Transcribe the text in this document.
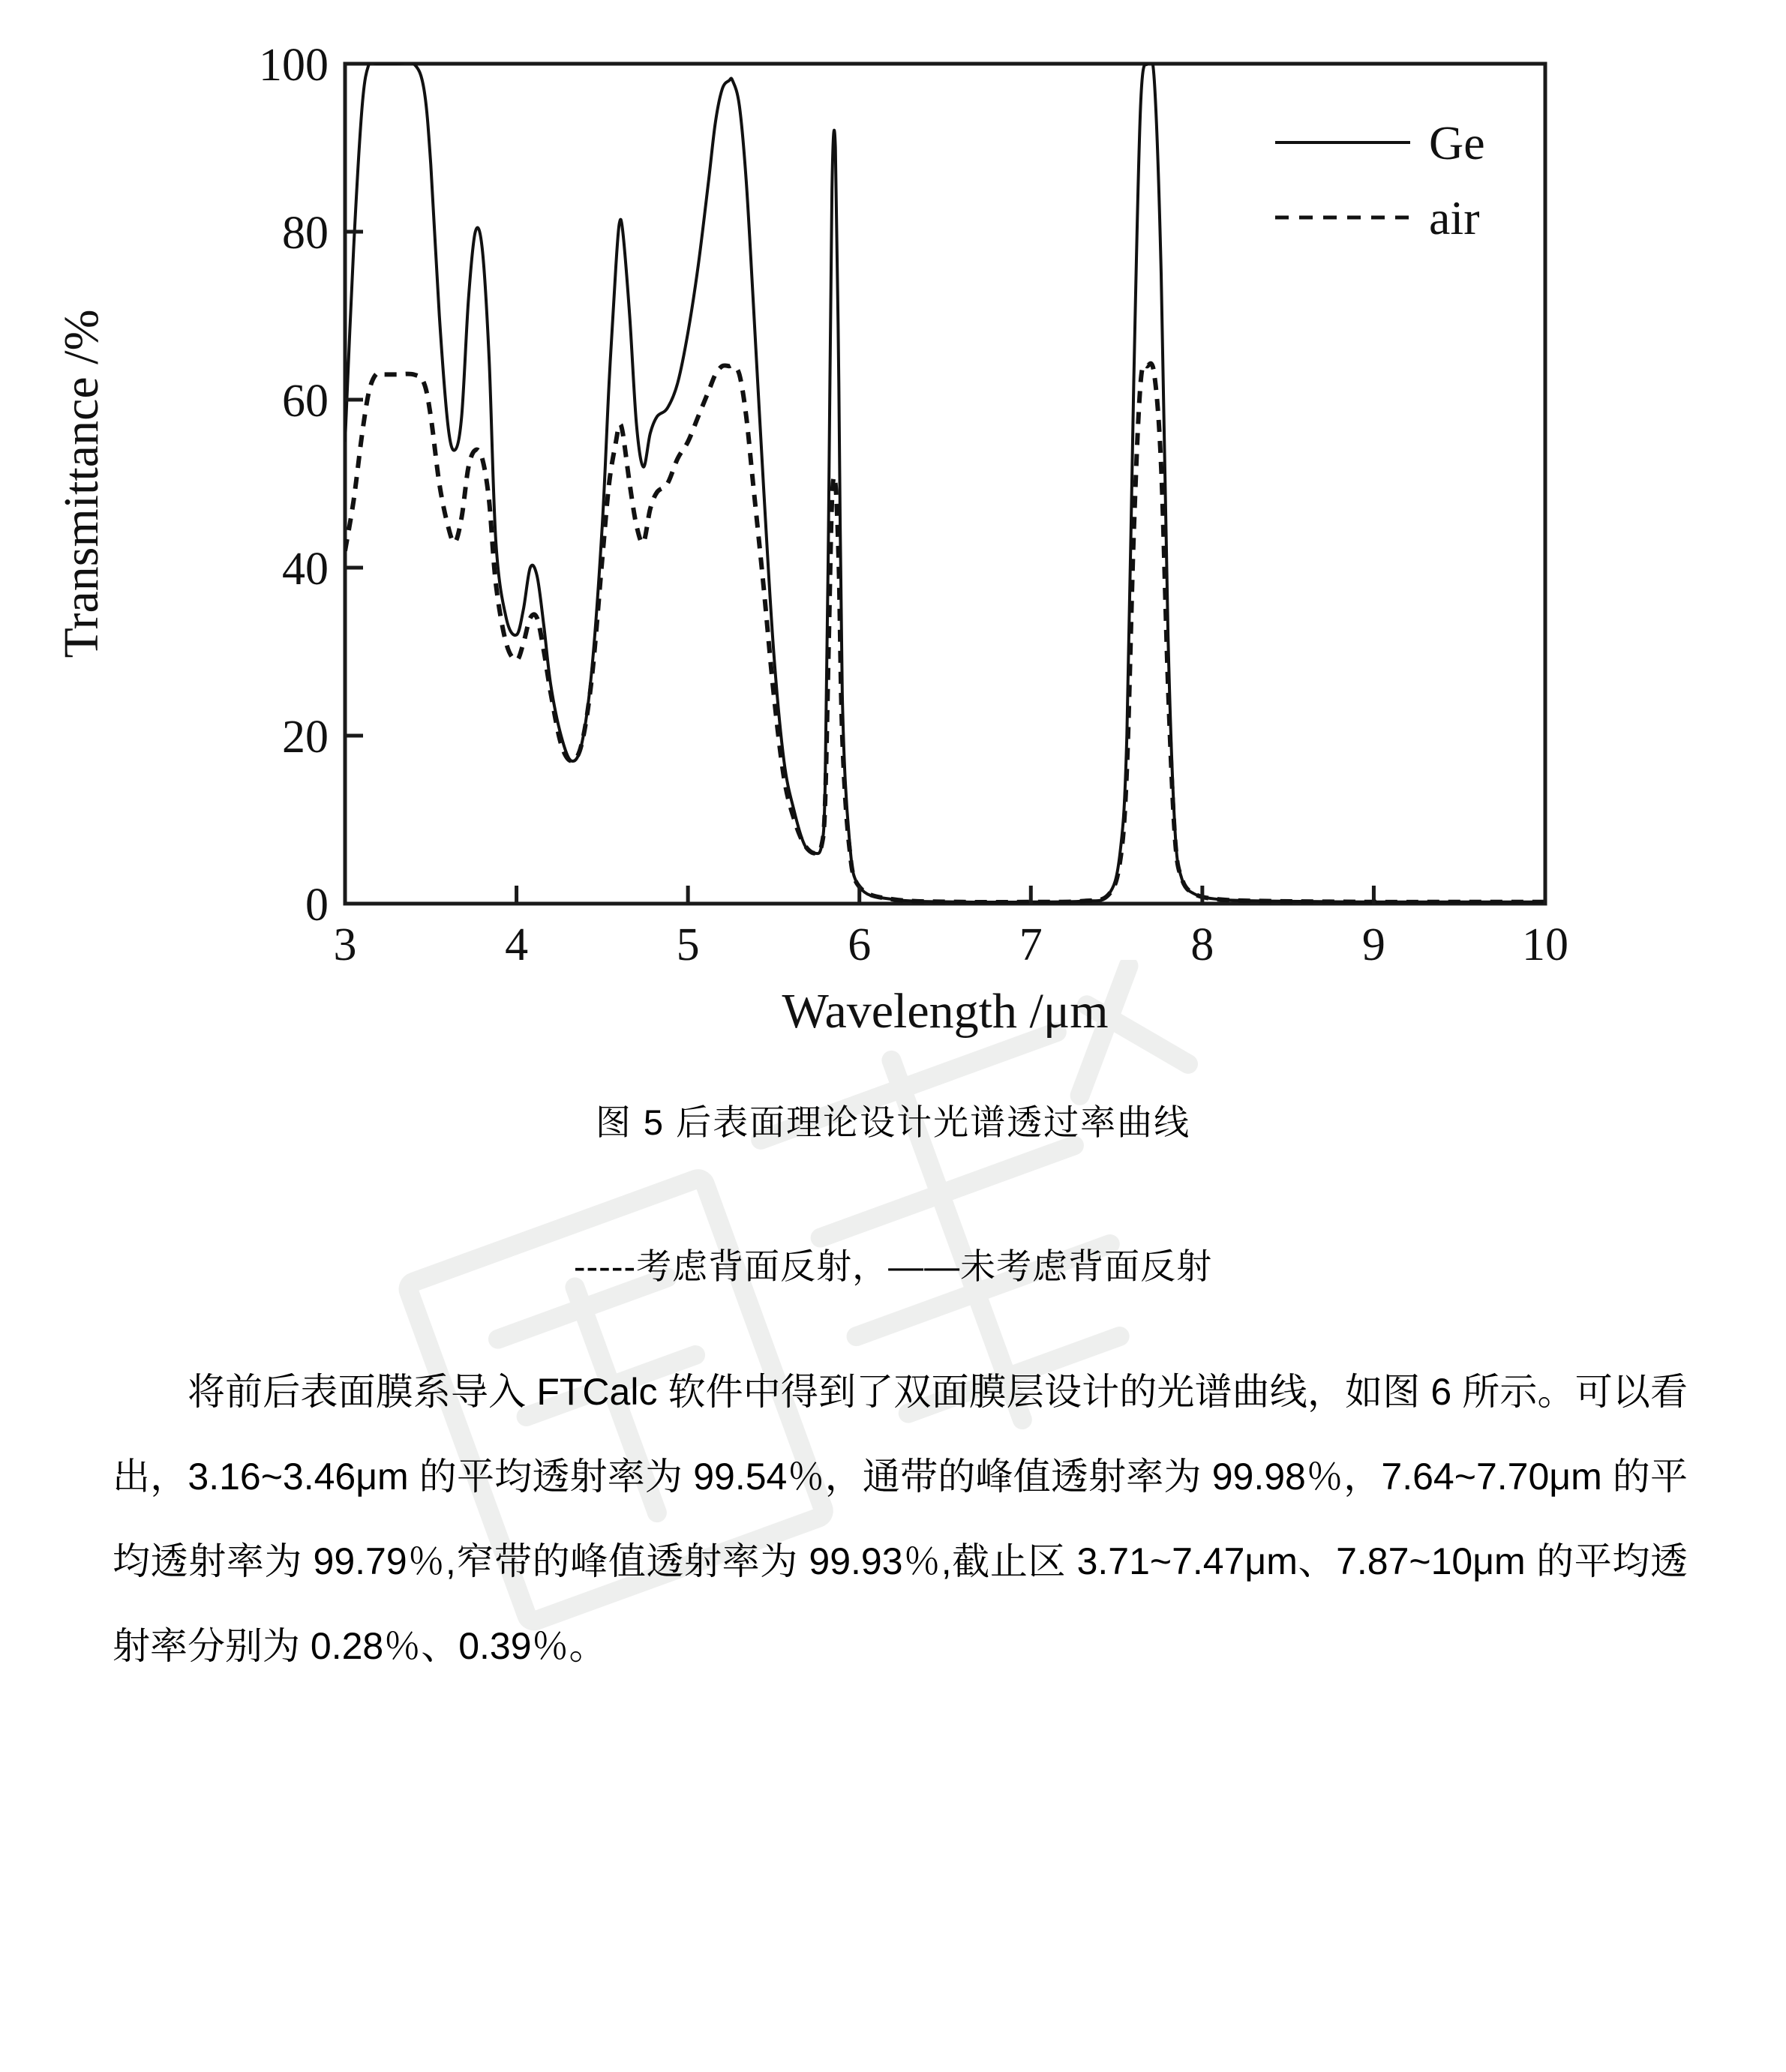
3	4	5	6	7	8	9	10
0
20
40
60
80
100
Wavelength /μm
Transmittance /%
Ge
air
图 5 后表面理论设计光谱透过率曲线
-----考虑背面反射，——未考虑背面反射

将前后表面膜系导入 FTCalc 软件中得到了双面膜层设计的光谱曲线，如图 6 所示。可以看出，3.16~3.46μm 的平均透射率为 99.54％，通带的峰值透射率为 99.98％，7.64~7.70μm 的平均透射率为 99.79％,窄带的峰值透射率为 99.93％,截止区 3.71~7.47μm、7.87~10μm 的平均透射率分别为 0.28％、0.39％。
